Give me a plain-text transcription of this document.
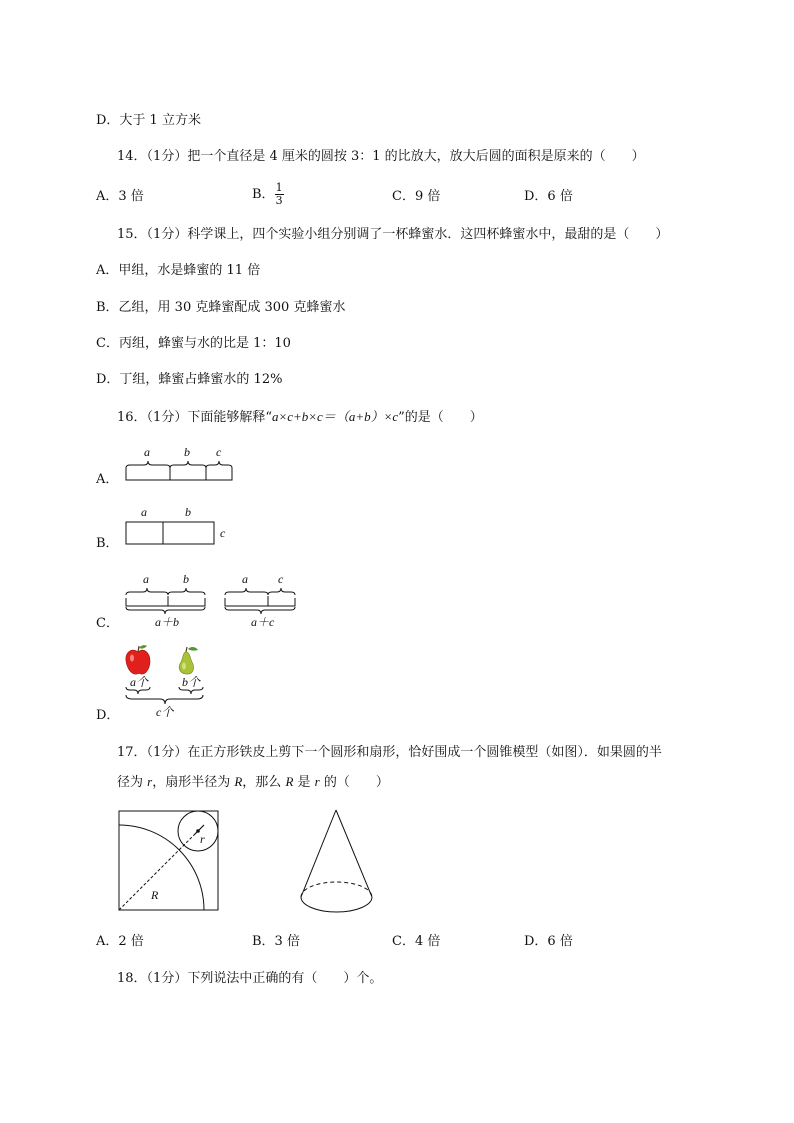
D．大于 1 立方米
14．（1分）把一个直径是 4 厘米的圆按 3：1 的比放大，放大后圆的面积是原来的（　　）
A．3 倍	B． $\frac{1}{3}$	C．9 倍	D．6 倍
15．（1分）科学课上，四个实验小组分别调了一杯蜂蜜水．这四杯蜂蜜水中，最甜的是（　　）
A．甲组，水是蜂蜜的 11 倍
B．乙组，用 30 克蜂蜜配成 300 克蜂蜜水
C．丙组，蜂蜜与水的比是 1：10
D．丁组，蜂蜜占蜂蜜水的 12%
16．（1分）下面能够解释“a×c+b×c＝（a+b）×c”的是（　　）
A．
a	b c
B．
a	b
c
C．
a	b
a＋b
a	c
a＋c
D．
a个	b个
c个
17．（1分）在正方形铁皮上剪下一个圆形和扇形，恰好围成一个圆锥模型（如图）．如果圆的半
径为 r，扇形半径为 R，那么 R 是 r 的（　　）
r
R
A．2 倍	B．3 倍	C．4 倍	D．6 倍
18．（1分）下列说法中正确的有（　　）个。
